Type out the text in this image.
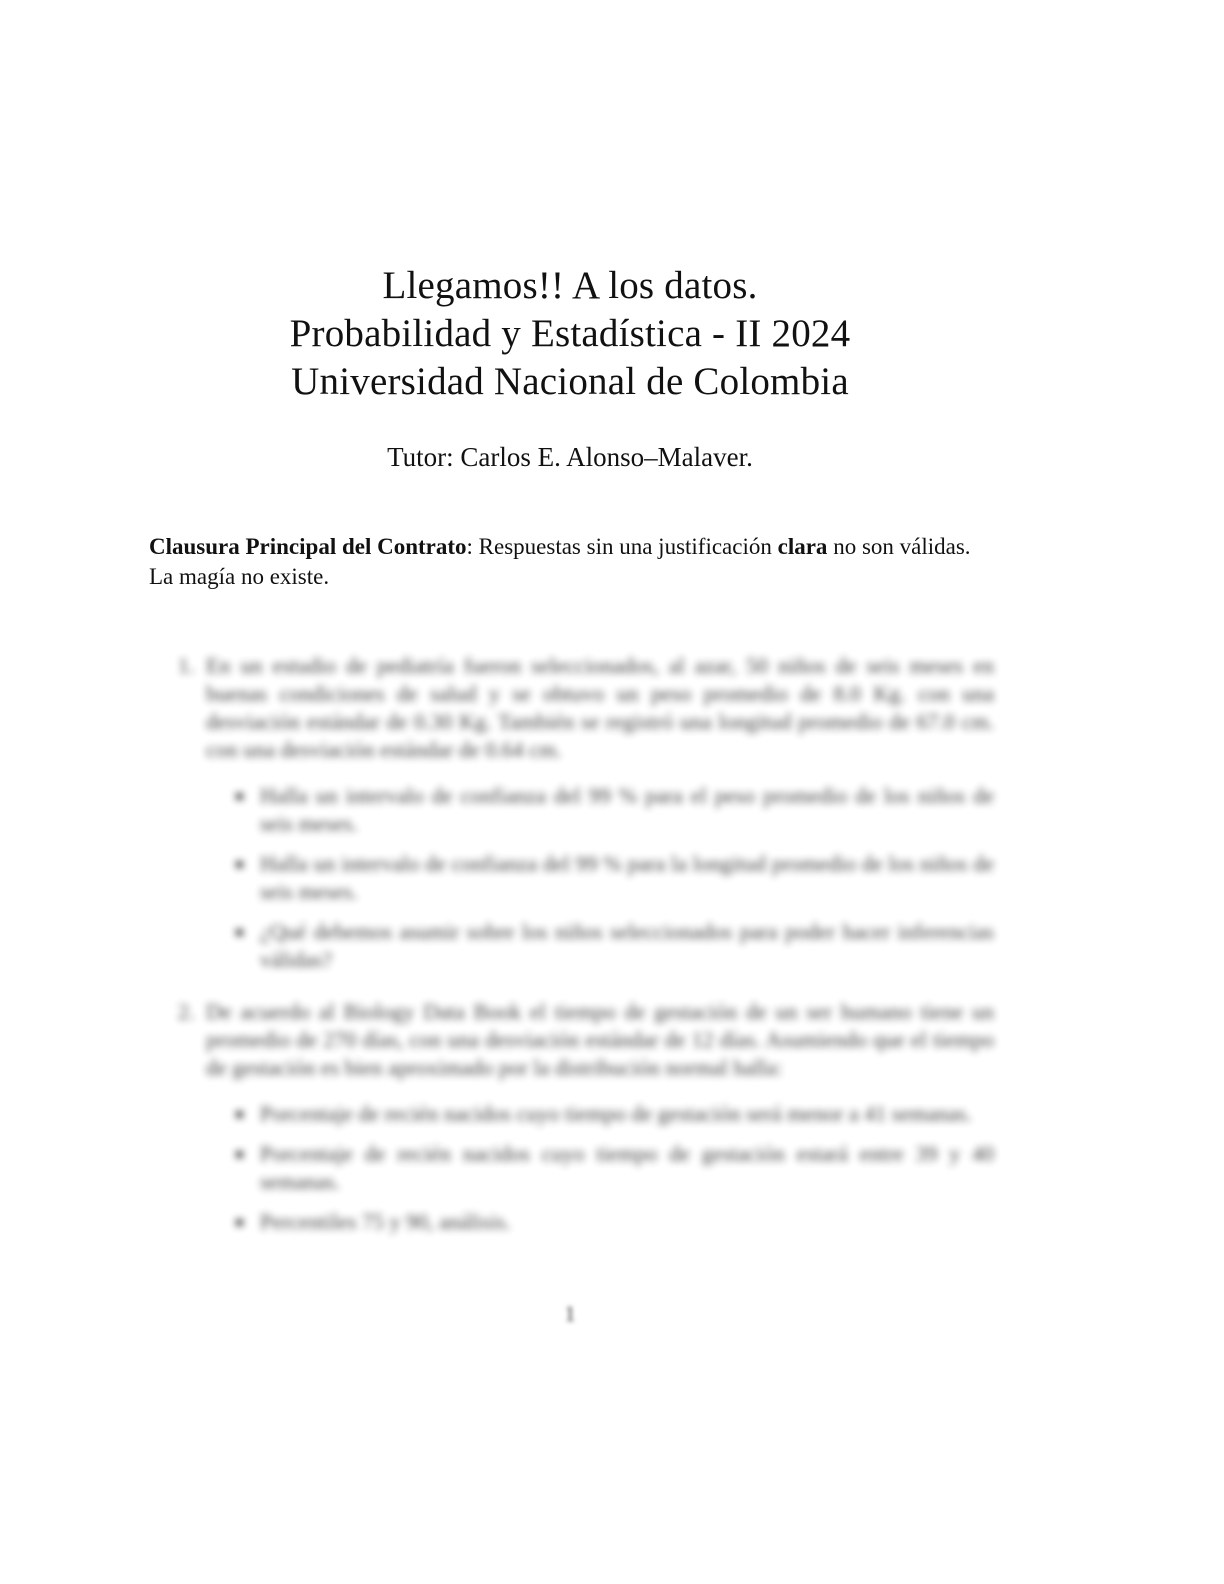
Llegamos!! A los datos.
Probabilidad y Estadística - II 2024
Universidad Nacional de Colombia
Tutor: Carlos E. Alonso–Malaver.
Clausura Principal del Contrato: Respuestas sin una justificación clara no son válidas. La magía no existe.
1. En un estudio de pediatría fueron seleccionados, al azar, 50 niños de seis meses en buenas condiciones de salud y se obtuvo un peso promedio de 8.0 Kg. con una desviación estándar de 0.30 Kg. También se registró una longitud promedio de 67.0 cm. con una desviación estándar de 0.64 cm.
Halla un intervalo de confianza del 99 % para el peso promedio de los niños de seis meses.
Halla un intervalo de confianza del 99 % para la longitud promedio de los niños de seis meses.
¿Qué debemos asumir sobre los niños seleccionados para poder hacer inferencias válidas?
2. De acuerdo al Biology Data Book el tiempo de gestación de un ser humano tiene un promedio de 270 días, con una desviación estándar de 12 días. Asumiendo que el tiempo de gestación es bien aproximado por la distribución normal halla:
Porcentaje de recién nacidos cuyo tiempo de gestación será menor a 41 semanas.
Porcentaje de recién nacidos cuyo tiempo de gestación estará entre 39 y 40 semanas.
Percentiles 75 y 90, análisis.
1
